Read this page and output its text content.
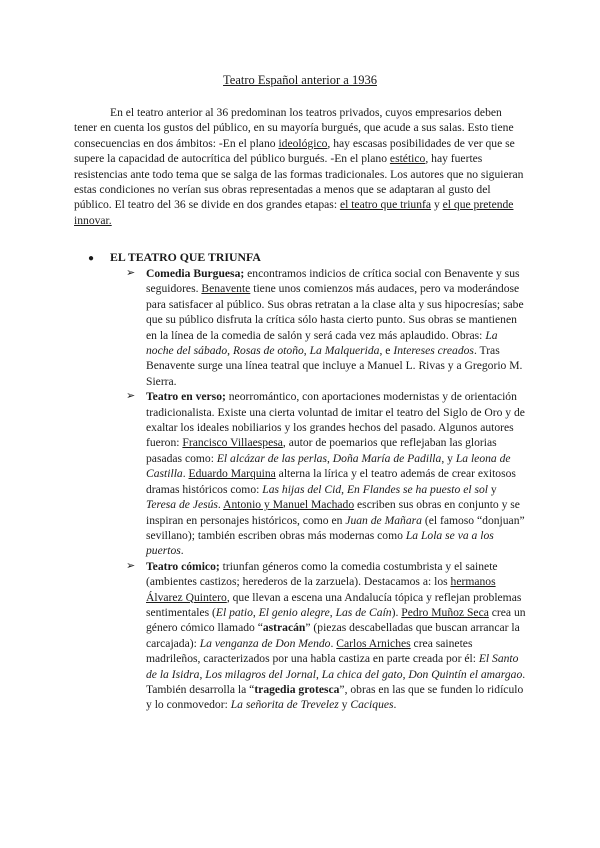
Teatro Español anterior a 1936

En el teatro anterior al 36 predominan los teatros privados, cuyos empresarios deben tener en cuenta los gustos del público, en su mayoría burgués, que acude a sus salas. Esto tiene consecuencias en dos ámbitos: -En el plano ideológico, hay escasas posibilidades de ver que se supere la capacidad de autocrítica del público burgués. -En el plano estético, hay fuertes resistencias ante todo tema que se salga de las formas tradicionales. Los autores que no siguieran estas condiciones no verían sus obras representadas a menos que se adaptaran al gusto del público. El teatro del 36 se divide en dos grandes etapas: el teatro que triunfa y el que pretende innovar.

● EL TEATRO QUE TRIUNFA

➢ Comedia Burguesa; encontramos indicios de crítica social con Benavente y sus seguidores. Benavente tiene unos comienzos más audaces, pero va moderándose para satisfacer al público. Sus obras retratan a la clase alta y sus hipocresías; sabe que su público disfruta la crítica sólo hasta cierto punto. Sus obras se mantienen en la línea de la comedia de salón y será cada vez más aplaudido. Obras: La noche del sábado, Rosas de otoño, La Malquerida, e Intereses creados. Tras Benavente surge una línea teatral que incluye a Manuel L. Rivas y a Gregorio M. Sierra.

➢ Teatro en verso; neorromántico, con aportaciones modernistas y de orientación tradicionalista. Existe una cierta voluntad de imitar el teatro del Siglo de Oro y de exaltar los ideales nobiliarios y los grandes hechos del pasado. Algunos autores fueron: Francisco Villaespesa, autor de poemarios que reflejaban las glorias pasadas como: El alcázar de las perlas, Doña María de Padilla, y La leona de Castilla. Eduardo Marquina alterna la lírica y el teatro además de crear exitosos dramas históricos como: Las hijas del Cid, En Flandes se ha puesto el sol y Teresa de Jesús. Antonio y Manuel Machado escriben sus obras en conjunto y se inspiran en personajes históricos, como en Juan de Mañara (el famoso “donjuan” sevillano); también escriben obras más modernas como La Lola se va a los puertos.

➢ Teatro cómico; triunfan géneros como la comedia costumbrista y el sainete (ambientes castizos; herederos de la zarzuela). Destacamos a: los hermanos Álvarez Quintero, que llevan a escena una Andalucía tópica y reflejan problemas sentimentales (El patio, El genio alegre, Las de Caín). Pedro Muñoz Seca crea un género cómico llamado “astracán” (piezas descabelladas que buscan arrancar la carcajada): La venganza de Don Mendo. Carlos Arniches crea sainetes madrileños, caracterizados por una habla castiza en parte creada por él: El Santo de la Isidra, Los milagros del Jornal, La chica del gato, Don Quintín el amargao. También desarrolla la “tragedia grotesca”, obras en las que se funden lo ridículo y lo conmovedor: La señorita de Trevelez y Caciques.
